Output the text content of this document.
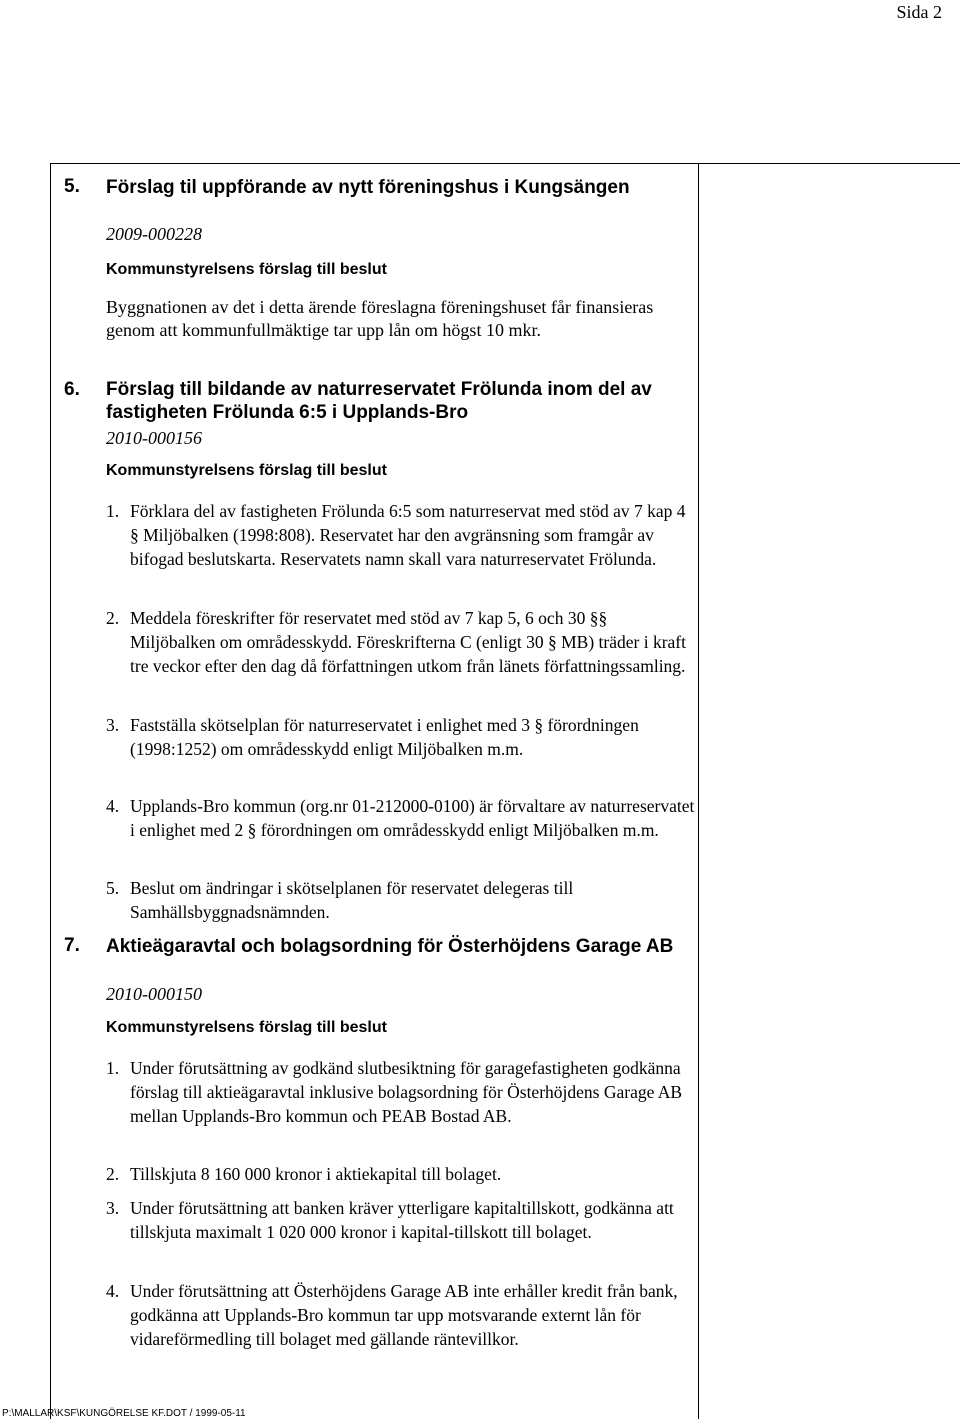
Sida 2
5. Förslag til uppförande av nytt föreningshus i Kungsängen
2009-000228
Kommunstyrelsens förslag till beslut
Byggnationen av det i detta ärende föreslagna föreningshuset får finansieras genom att kommunfullmäktige tar upp lån om högst 10 mkr.
6. Förslag till bildande av naturreservatet Frölunda inom del av fastigheten Frölunda 6:5 i Upplands-Bro
2010-000156
Kommunstyrelsens förslag till beslut
1. Förklara del av fastigheten Frölunda 6:5 som naturreservat med stöd av 7 kap 4 § Miljöbalken (1998:808). Reservatet har den avgränsning som framgår av bifogad beslutskarta. Reservatets namn skall vara naturreservatet Frölunda.
2. Meddela föreskrifter för reservatet med stöd av 7 kap 5, 6 och 30 §§ Miljöbalken om områdesskydd. Föreskrifterna C (enligt 30 § MB) träder i kraft tre veckor efter den dag då författningen utkom från länets författningssamling.
3. Fastställa skötselplan för naturreservatet i enlighet med 3 § förordningen (1998:1252) om områdesskydd enligt Miljöbalken m.m.
4. Upplands-Bro kommun (org.nr 01-212000-0100) är förvaltare av naturreservatet i enlighet med 2 § förordningen om områdesskydd enligt Miljöbalken m.m.
5. Beslut om ändringar i skötselplanen för reservatet delegeras till Samhällsbyggnadsnämnden.
7. Aktieägaravtal och bolagsordning för Österhöjdens Garage AB
2010-000150
Kommunstyrelsens förslag till beslut
1. Under förutsättning av godkänd slutbesiktning för garagefastigheten godkänna förslag till aktieägaravtal inklusive bolagsordning för Österhöjdens Garage AB mellan Upplands-Bro kommun och PEAB Bostad AB.
2. Tillskjuta 8 160 000 kronor i aktiekapital till bolaget.
3. Under förutsättning att banken kräver ytterligare kapitaltillskott, godkänna att tillskjuta maximalt 1 020 000 kronor i kapital-tillskott till bolaget.
4. Under förutsättning att Österhöjdens Garage AB inte erhåller kredit från bank, godkänna att Upplands-Bro kommun tar upp motsvarande externt lån för vidareförmedling till bolaget med gällande räntevillkor.
P:\MALLAR\KSF\KUNGÖRELSE KF.DOT / 1999-05-11
